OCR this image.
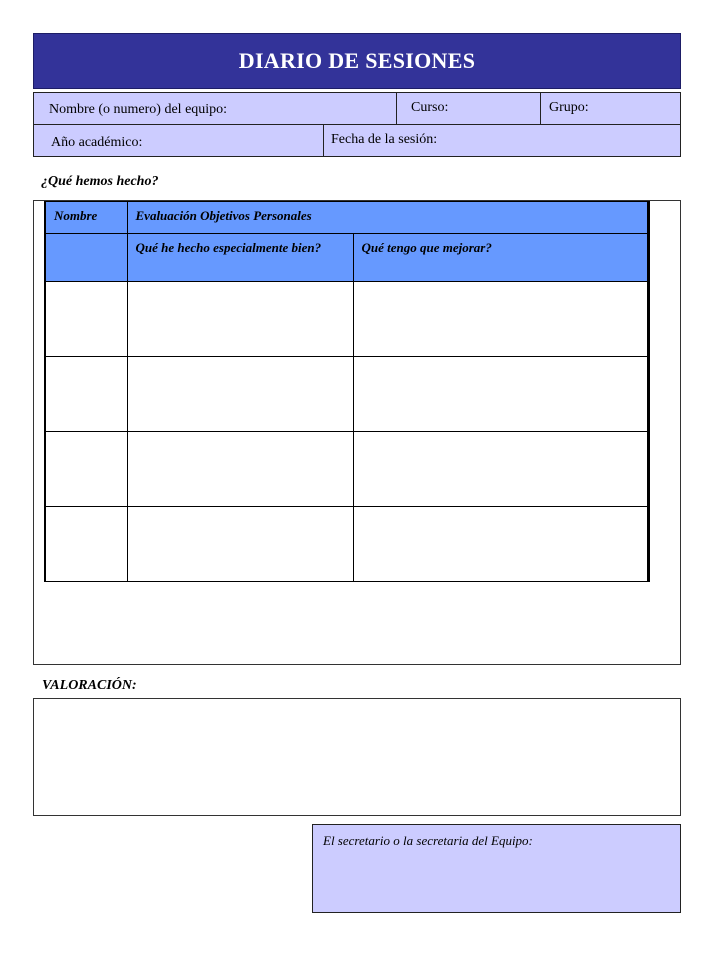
DIARIO DE SESIONES
Nombre (o numero) del equipo:	Curso:	Grupo:
Año académico:	Fecha de la sesión:
¿Qué hemos hecho?
Nombre	Evaluación Objetivos Personales	
	Qué he hecho especialmente bien?	Qué tengo que mejorar?

VALORACIÓN:
El secretario o la secretaria del Equipo:
